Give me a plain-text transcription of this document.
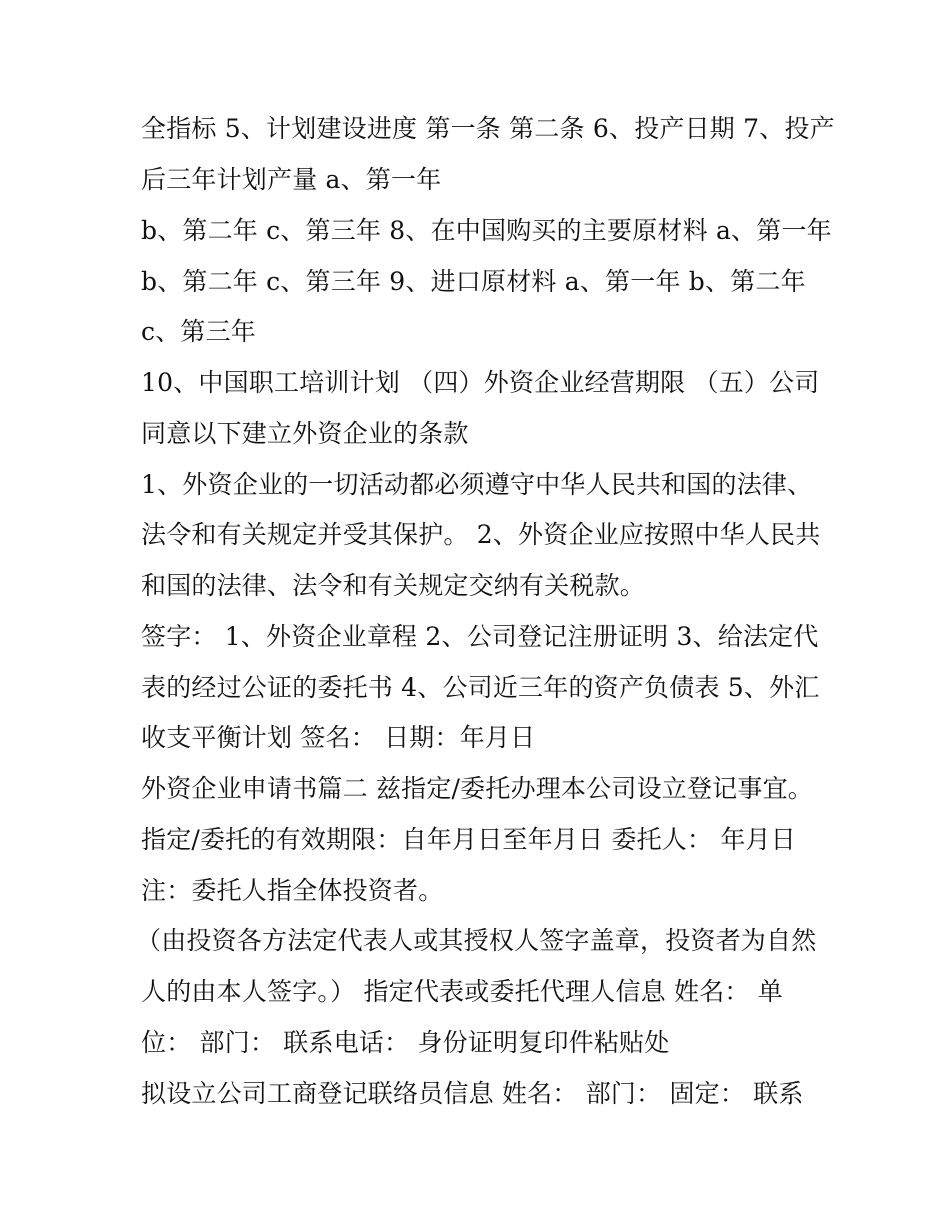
全指标 5、计划建设进度 第一条 第二条 6、投产日期 7、投产

后三年计划产量 a、第一年

b、第二年 c、第三年 8、在中国购买的主要原材料 a、第一年

b、第二年 c、第三年 9、进口原材料 a、第一年 b、第二年

c、第三年

10、中国职工培训计划 （四）外资企业经营期限 （五）公司

同意以下建立外资企业的条款

1、外资企业的一切活动都必须遵守中华人民共和国的法律、

法令和有关规定并受其保护。 2、外资企业应按照中华人民共

和国的法律、法令和有关规定交纳有关税款。

签字： 1、外资企业章程 2、公司登记注册证明 3、给法定代

表的经过公证的委托书 4、公司近三年的资产负债表 5、外汇

收支平衡计划 签名： 日期：年月日

外资企业申请书篇二 兹指定/委托办理本公司设立登记事宜。

指定/委托的有效期限：自年月日至年月日 委托人： 年月日

注：委托人指全体投资者。

（由投资各方法定代表人或其授权人签字盖章，投资者为自然

人的由本人签字。） 指定代表或委托代理人信息 姓名： 单

位： 部门： 联系电话： 身份证明复印件粘贴处

拟设立公司工商登记联络员信息 姓名： 部门： 固定： 联系
